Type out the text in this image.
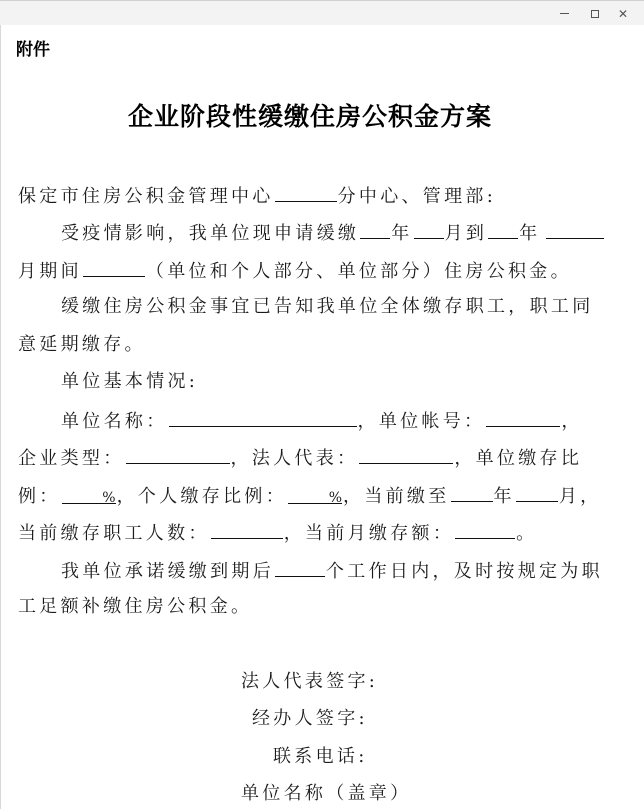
✕
附件
企业阶段性缓缴住房公积金方案
保定市住房公积金管理中心	分中心、管理部:
受疫情影响，我单位现申请缓缴 年 月到 年
月期间	（单位和个人部分、单位部分）住房公积金。
缓缴住房公积金事宜已告知我单位全体缴存职工，职工同
意延期缴存。
单位基本情况:
单位名称：	，单位帐号：	，
企业类型：	，法人代表：	，单位缴存比
例：	%，个人缴存比例：	%，当前缴至 年 月，
当前缴存职工人数：	，当前月缴存额：	。
我单位承诺缓缴到期后	个工作日内，及时按规定为职
工足额补缴住房公积金。
法人代表签字:
经办人签字:
联系电话:
单位名称（盖章）
